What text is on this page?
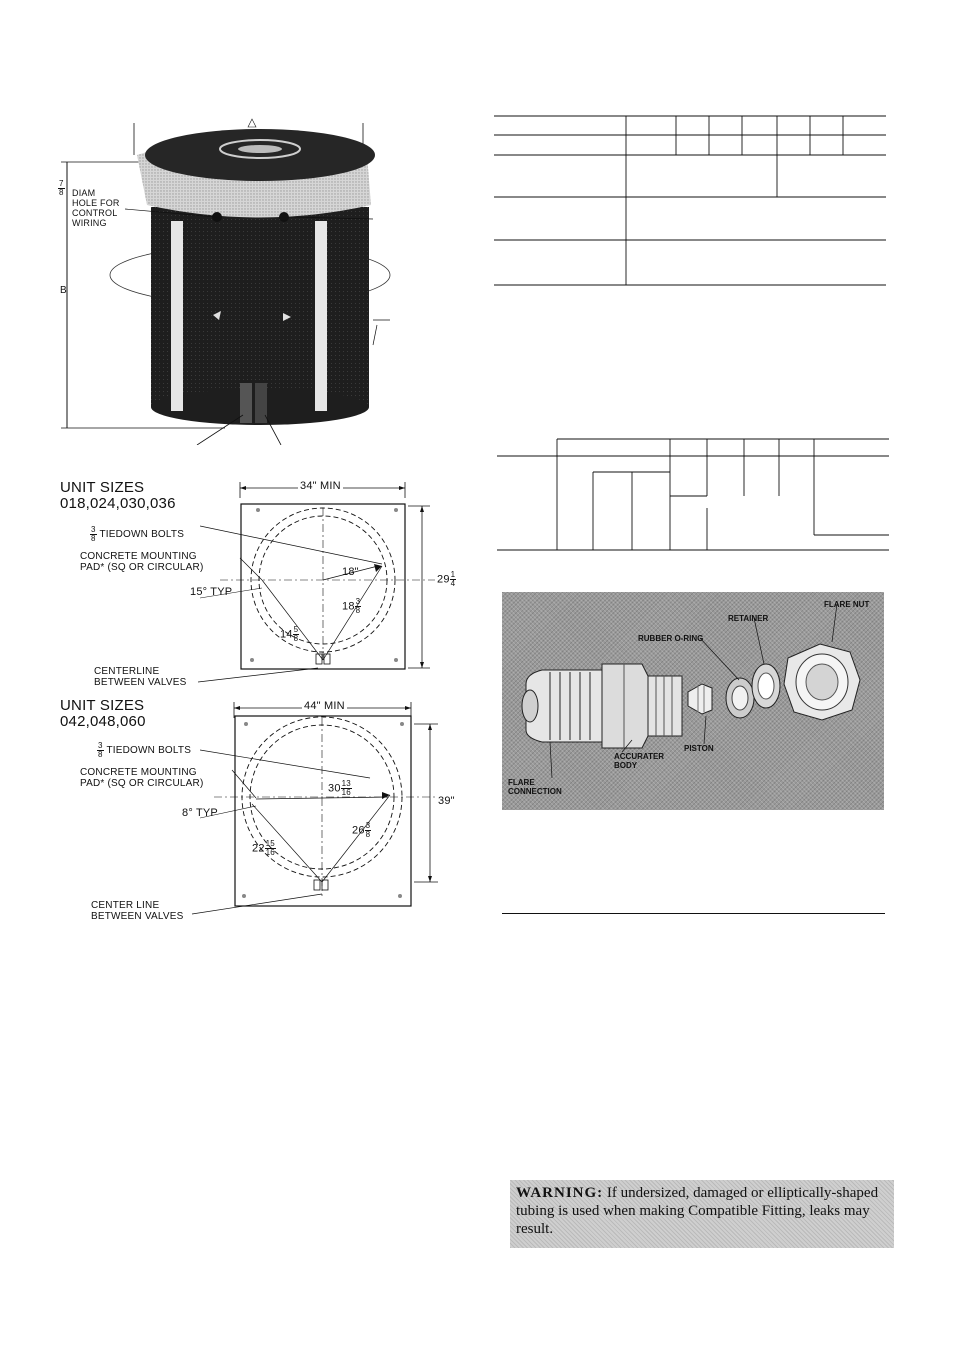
$\frac{7}{8}$ DIAM
HOLE FOR
CONTROL
WIRING
B
UNIT SIZES
018,024,030,036
34" MIN
$\frac{3}{8}$ TIEDOWN BOLTS
CONCRETE MOUNTING
PAD* (SQ OR CIRCULAR)
15° TYP
18"
$29 \frac{1}{4}$
$14 \frac{5}{8}$
$18 \frac{3}{8}$
CENTERLINE
BETWEEN VALVES
UNIT SIZES
042,048,060
44" MIN
$\frac{3}{8}$ TIEDOWN BOLTS
CONCRETE MOUNTING
PAD* (SQ OR CIRCULAR)
8° TYP
$30 \frac{13}{16}$
39"
$22 \frac{15}{16}$
$26 \frac{3}{8}$
CENTER LINE
BETWEEN VALVES
FLARE NUT
RETAINER
RUBBER O-RING
PISTON
ACCURATER BODY
FLARE CONNECTION
WARNING: If undersized, damaged or elliptically-shaped tubing is used when making Compatible Fitting, leaks may result.
